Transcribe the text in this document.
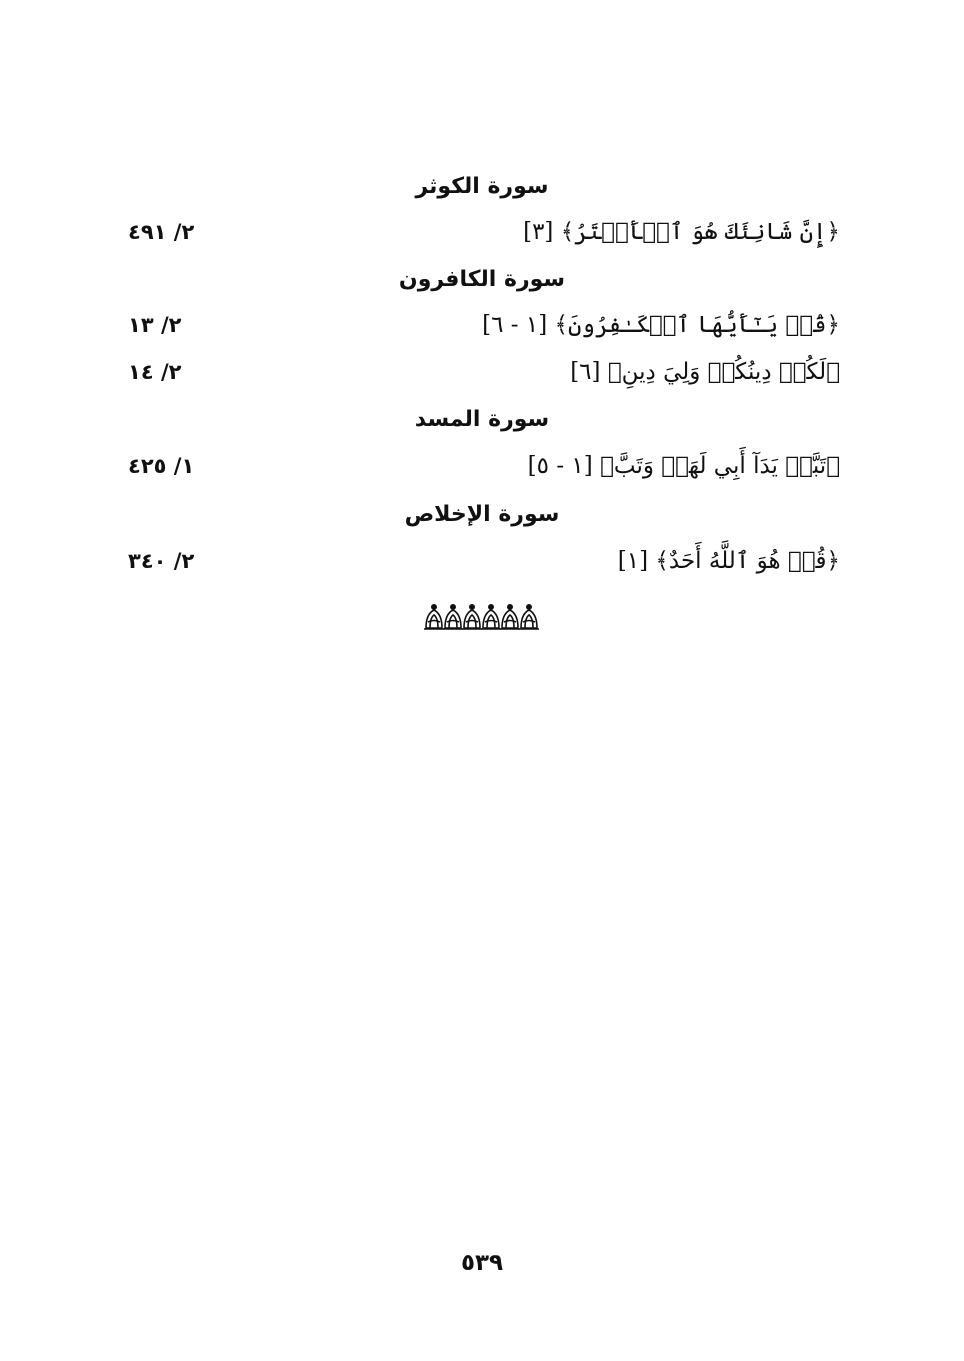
سورة الكوثر
﴿إِنَّ شَانِئَكَ هُوَ ٱلۡأَبۡتَرُ﴾ [٣]
٢/ ٤٩١
سورة الكافرون
﴿قُلۡ يَـٰٓأَيُّهَا ٱلۡكَـٰفِرُونَ﴾ [١ - ٦]
٢/ ١٣
﴿لَكُمۡ دِينُكُمۡ وَلِيَ دِينِ﴾ [٦]
٢/ ١٤
سورة المسد
﴿تَبَّتۡ يَدَآ أَبِي لَهَبٖ وَتَبَّ﴾ [١ - ٥]
١/ ٤٢٥
سورة الإخلاص
﴿قُلۡ هُوَ ٱللَّهُ أَحَدٌ﴾ [١]
٢/ ٣٤٠
٥٣٩
